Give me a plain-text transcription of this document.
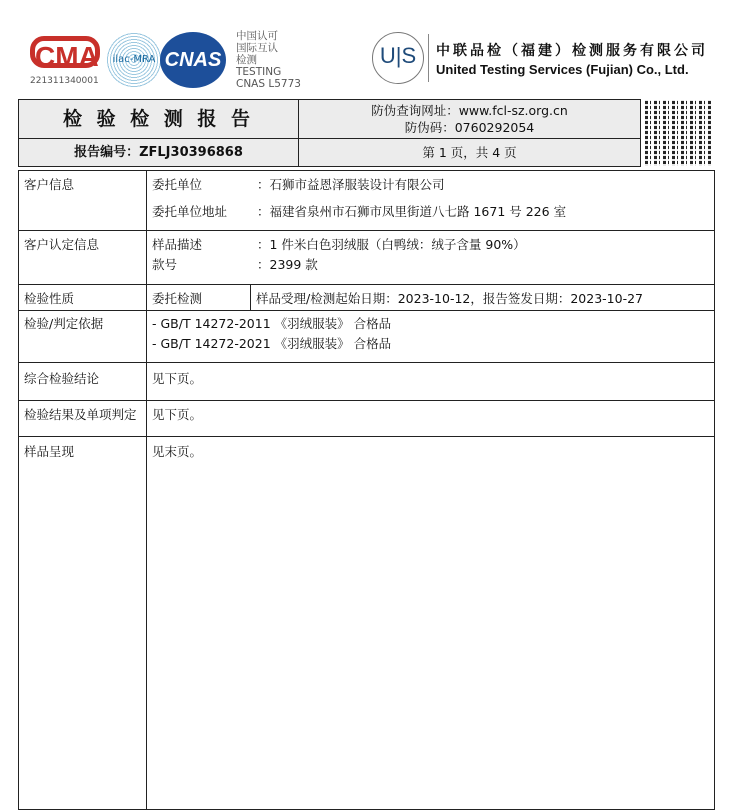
CMA
221311340001
ilac-MRA CNAS
中国认可
国际互认
检测
TESTING
CNAS L5773
U|S	中联品检（福建）检测服务有限公司
United Testing Services (Fujian) Co., Ltd.
检 验 检 测 报 告	防伪查询网址：www.fcl-sz.org.cn
防伪码：0760292054
报告编号：ZFLJ30396868	第 1 页，共 4 页
客户信息	委托单位	：石狮市益恩泽服装设计有限公司
委托单位地址 ：福建省泉州市石狮市凤里街道八七路 1671 号 226 室
客户认定信息	样品描述	：1 件米白色羽绒服（白鸭绒：绒子含量 90%）
款号	：2399 款
检验性质	委托检测	样品受理/检测起始日期：2023-10-12，报告签发日期：2023-10-27
检验/判定依据	- GB/T 14272-2011 《羽绒服装》 合格品
- GB/T 14272-2021 《羽绒服装》 合格品
综合检验结论	见下页。
检验结果及单项判定 见下页。
样品呈现	见末页。
